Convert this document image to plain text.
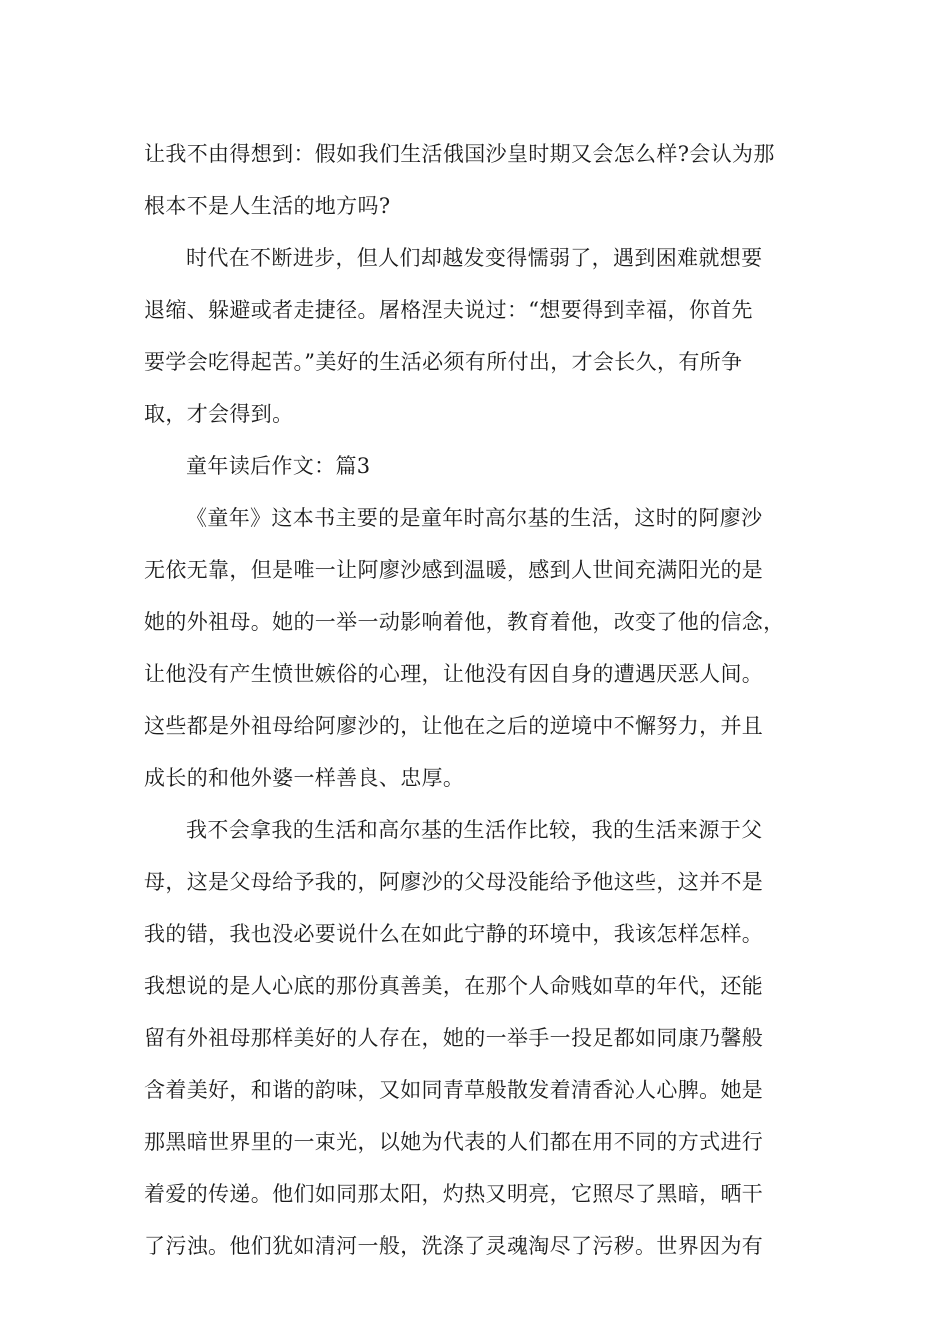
让我不由得想到：假如我们生活俄国沙皇时期又会怎么样?会认为那
根本不是人生活的地方吗?
时代在不断进步，但人们却越发变得懦弱了，遇到困难就想要
退缩、躲避或者走捷径。屠格涅夫说过：“想要得到幸福，你首先
要学会吃得起苦。”美好的生活必须有所付出，才会长久，有所争
取，才会得到。
童年读后作文：篇3
《童年》这本书主要的是童年时高尔基的生活，这时的阿廖沙
无依无靠，但是唯一让阿廖沙感到温暖，感到人世间充满阳光的是
她的外祖母。她的一举一动影响着他，教育着他，改变了他的信念，
让他没有产生愤世嫉俗的心理，让他没有因自身的遭遇厌恶人间。
这些都是外祖母给阿廖沙的，让他在之后的逆境中不懈努力，并且
成长的和他外婆一样善良、忠厚。
我不会拿我的生活和高尔基的生活作比较，我的生活来源于父
母，这是父母给予我的，阿廖沙的父母没能给予他这些，这并不是
我的错，我也没必要说什么在如此宁静的环境中，我该怎样怎样。
我想说的是人心底的那份真善美，在那个人命贱如草的年代，还能
留有外祖母那样美好的人存在，她的一举手一投足都如同康乃馨般
含着美好，和谐的韵味，又如同青草般散发着清香沁人心脾。她是
那黑暗世界里的一束光，以她为代表的人们都在用不同的方式进行
着爱的传递。他们如同那太阳，灼热又明亮，它照尽了黑暗，晒干
了污浊。他们犹如清河一般，洗涤了灵魂淘尽了污秽。世界因为有
